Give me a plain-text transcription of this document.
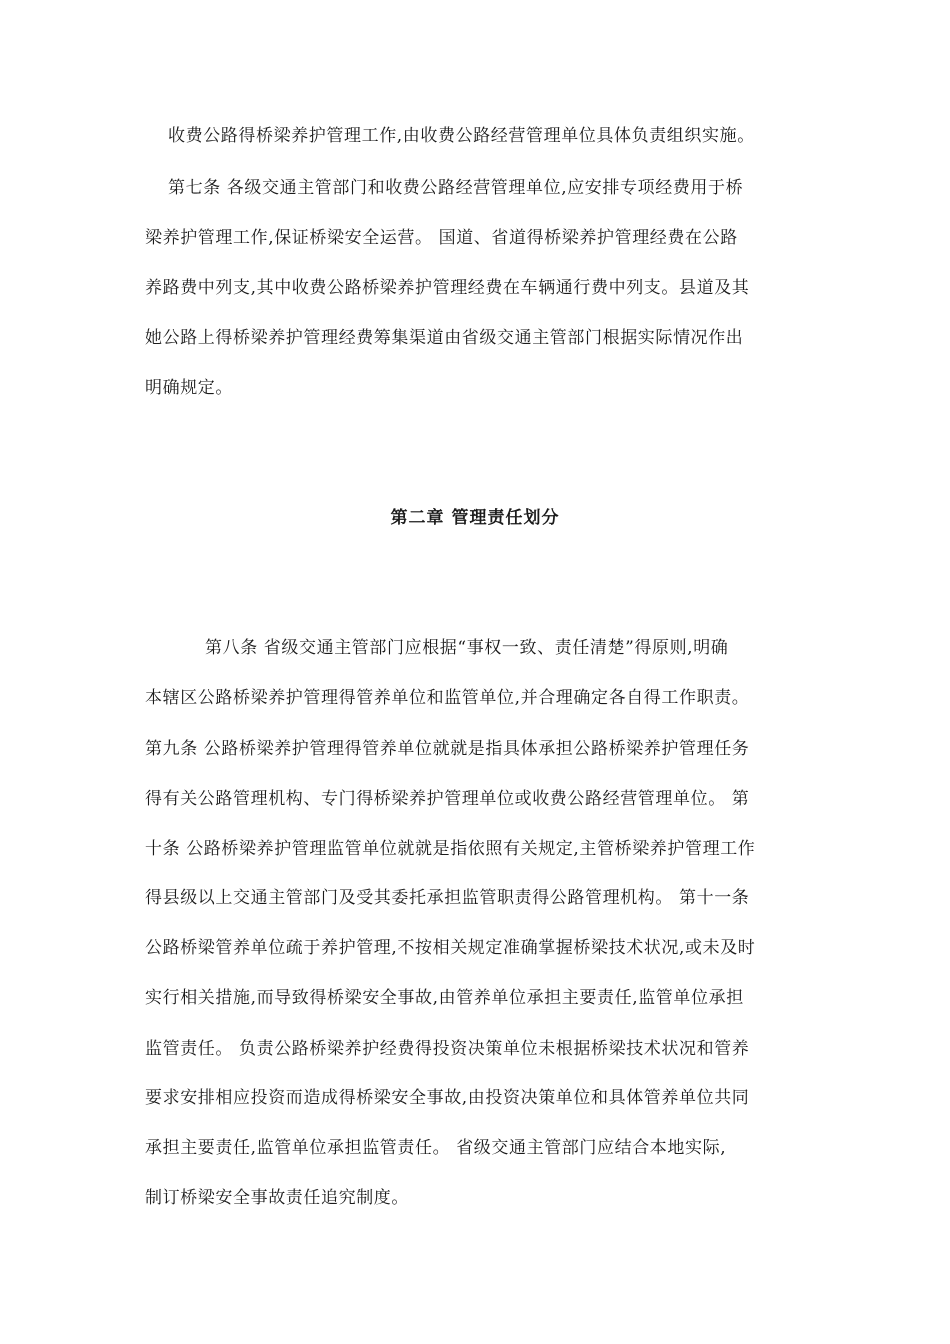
收费公路得桥梁养护管理工作,由收费公路经营管理单位具体负责组织实施。
第七条 各级交通主管部门和收费公路经营管理单位,应安排专项经费用于桥
梁养护管理工作,保证桥梁安全运营。 国道、省道得桥梁养护管理经费在公路
养路费中列支,其中收费公路桥梁养护管理经费在车辆通行费中列支。县道及其
她公路上得桥梁养护管理经费筹集渠道由省级交通主管部门根据实际情况作出
明确规定。
第二章 管理责任划分
第八条 省级交通主管部门应根据“事权一致、责任清楚”得原则,明确
本辖区公路桥梁养护管理得管养单位和监管单位,并合理确定各自得工作职责。
第九条 公路桥梁养护管理得管养单位就就是指具体承担公路桥梁养护管理任务
得有关公路管理机构、专门得桥梁养护管理单位或收费公路经营管理单位。 第
十条 公路桥梁养护管理监管单位就就是指依照有关规定,主管桥梁养护管理工作
得县级以上交通主管部门及受其委托承担监管职责得公路管理机构。 第十一条
公路桥梁管养单位疏于养护管理,不按相关规定准确掌握桥梁技术状况,或未及时
实行相关措施,而导致得桥梁安全事故,由管养单位承担主要责任,监管单位承担
监管责任。 负责公路桥梁养护经费得投资决策单位未根据桥梁技术状况和管养
要求安排相应投资而造成得桥梁安全事故,由投资决策单位和具体管养单位共同
承担主要责任,监管单位承担监管责任。 省级交通主管部门应结合本地实际,
制订桥梁安全事故责任追究制度。
